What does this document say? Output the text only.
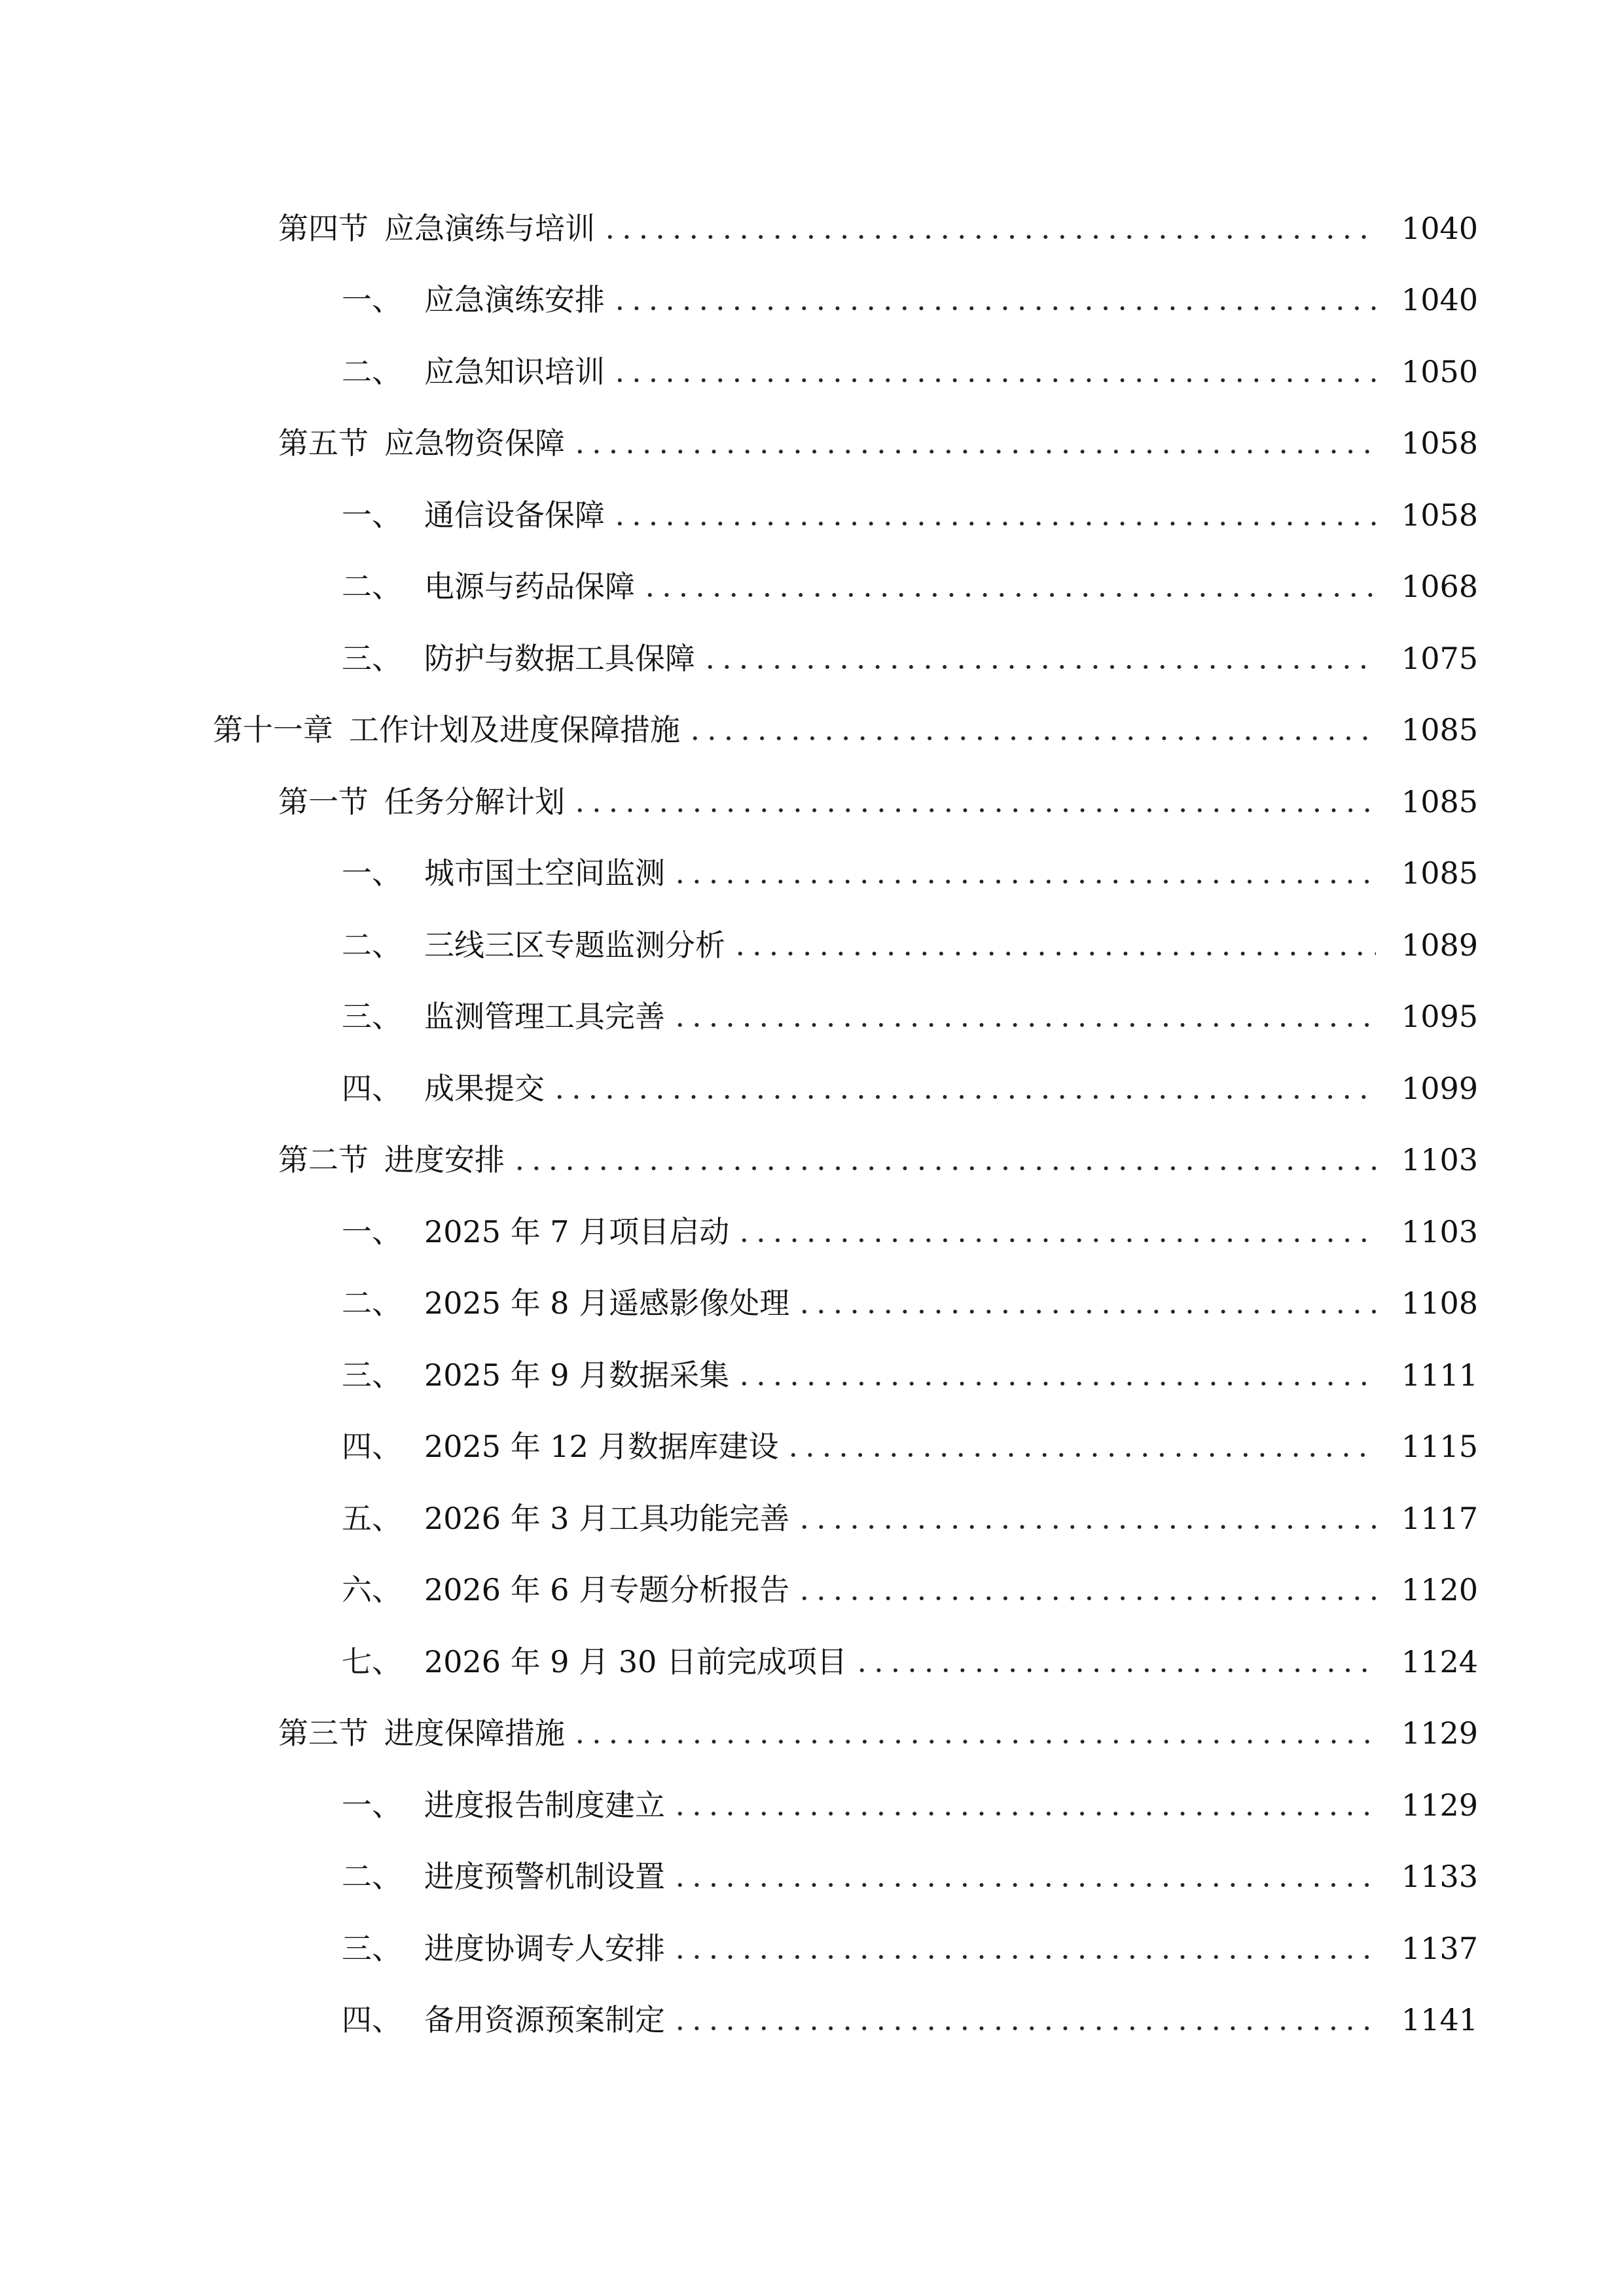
第四节 应急演练与培训	1040
一、 应急演练安排	1040
二、 应急知识培训	1050
第五节 应急物资保障	1058
一、 通信设备保障	1058
二、 电源与药品保障	1068
三、 防护与数据工具保障	1075
第十一章 工作计划及进度保障措施	1085
第一节 任务分解计划	1085
一、 城市国土空间监测	1085
二、 三线三区专题监测分析	1089
三、 监测管理工具完善	1095
四、 成果提交	1099
第二节 进度安排	1103
一、 2025 年 7 月项目启动	1103
二、 2025 年 8 月遥感影像处理	1108
三、 2025 年 9 月数据采集	1111
四、 2025 年 12 月数据库建设	1115
五、 2026 年 3 月工具功能完善	1117
六、 2026 年 6 月专题分析报告	1120
七、 2026 年 9 月 30 日前完成项目	1124
第三节 进度保障措施	1129
一、 进度报告制度建立	1129
二、 进度预警机制设置	1133
三、 进度协调专人安排	1137
四、 备用资源预案制定	1141
